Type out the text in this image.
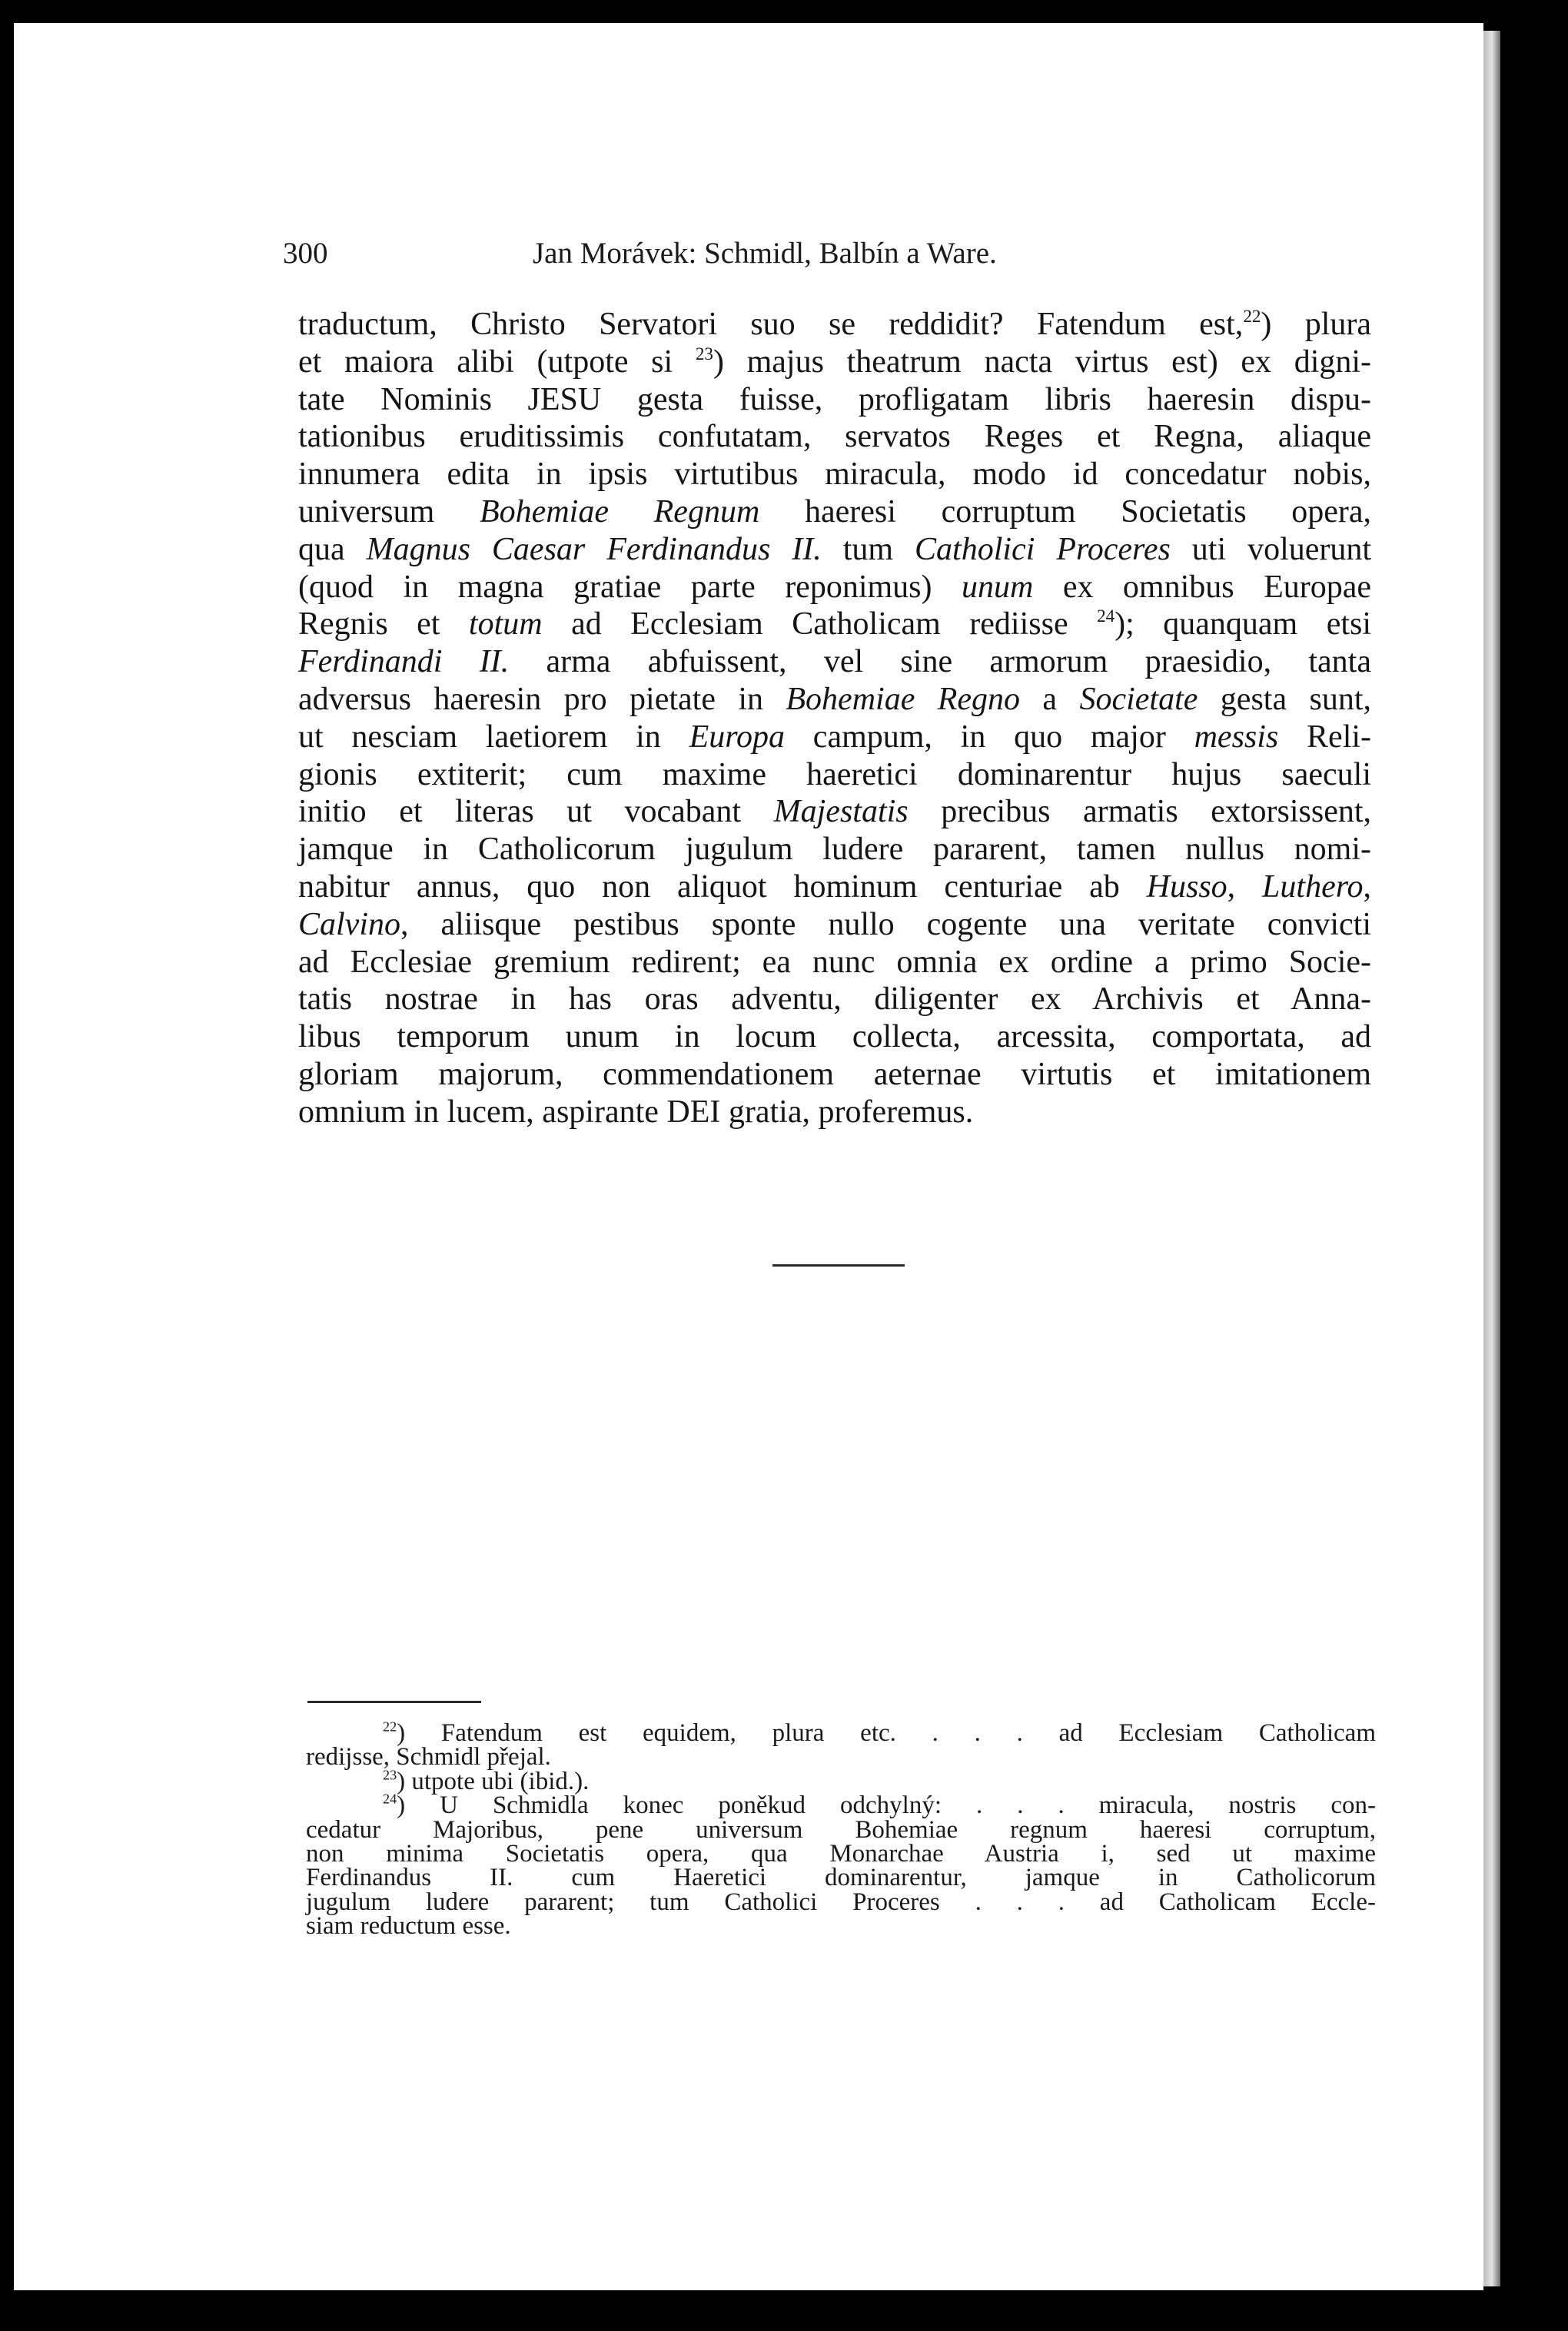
300	Jan Morávek: Schmidl, Balbín a Ware.
traductum, Christo Servatori suo se reddidit? Fatendum est,$^{22}$) plura
et maiora alibi (utpote si $^{23}$) majus theatrum nacta virtus est) ex digni-
tate Nominis JESU gesta fuisse, profligatam libris haeresin dispu-
tationibus eruditissimis confutatam, servatos Reges et Regna, aliaque
innumera edita in ipsis virtutibus miracula, modo id concedatur nobis,
universum Bohemiae Regnum haeresi corruptum Societatis opera,
qua Magnus Caesar Ferdinandus II. tum Catholici Proceres uti voluerunt
(quod in magna gratiae parte reponimus) unum ex omnibus Europae
Regnis et totum ad Ecclesiam Catholicam rediisse $^{24}$); quanquam etsi
Ferdinandi II. arma abfuissent, vel sine armorum praesidio, tanta
adversus haeresin pro pietate in Bohemiae Regno a Societate gesta sunt,
ut nesciam laetiorem in Europa campum, in quo major messis Reli-
gionis extiterit; cum maxime haeretici dominarentur hujus saeculi
initio et literas ut vocabant Majestatis precibus armatis extorsissent,
jamque in Catholicorum jugulum ludere pararent, tamen nullus nomi-
nabitur annus, quo non aliquot hominum centuriae ab Husso, Luthero,
Calvino, aliisque pestibus sponte nullo cogente una veritate convicti
ad Ecclesiae gremium redirent; ea nunc omnia ex ordine a primo Socie-
tatis nostrae in has oras adventu, diligenter ex Archivis et Anna-
libus temporum unum in locum collecta, arcessita, comportata, ad
gloriam majorum, commendationem aeternae virtutis et imitationem
omnium in lucem, aspirante DEI gratia, proferemus.
$^{22}$) Fatendum est equidem, plura etc. . . . ad Ecclesiam Catholicam
redijsse, Schmidl přejal.
$^{23}$) utpote ubi (ibid.).
$^{24}$) U Schmidla konec poněkud odchylný: . . . miracula, nostris con-
cedatur Majoribus, pene universum Bohemiae regnum haeresi corruptum,
non minima Societatis opera, qua Monarchae Austria i, sed ut maxime
Ferdinandus II. cum Haeretici dominarentur, jamque in Catholicorum
jugulum ludere pararent; tum Catholici Proceres . . . ad Catholicam Eccle-
siam reductum esse.
